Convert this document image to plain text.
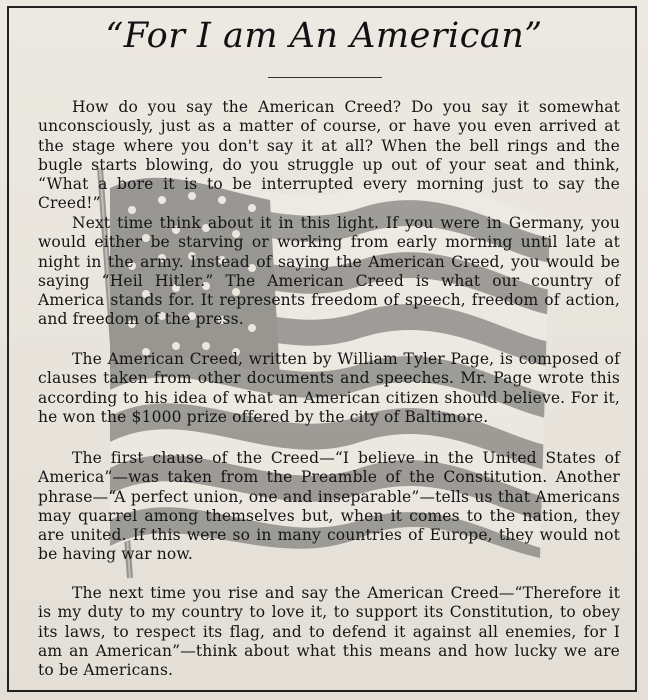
“For I am An American”

How do you say the American Creed? Do you say it somewhat unconsciously, just as a matter of course, or have you even arrived at the stage where you don't say it at all? When the bell rings and the bugle starts blowing, do you struggle up out of your seat and think, “What a bore it is to be interrupted every morning just to say the Creed!”

Next time think about it in this light. If you were in Germany, you would either be starving or working from early morning until late at night in the army. Instead of saying the American Creed, you would be saying “Heil Hitler.” The American Creed is what our country of America stands for. It represents freedom of speech, freedom of action, and freedom of the press.

The American Creed, written by William Tyler Page, is composed of clauses taken from other documents and speeches. Mr. Page wrote this according to his idea of what an American citizen should believe. For it, he won the $1000 prize offered by the city of Baltimore.

The first clause of the Creed—“I believe in the United States of America”—was taken from the Preamble of the Constitution. Another phrase—“A perfect union, one and inseparable”—tells us that Americans may quarrel among themselves but, when it comes to the nation, they are united. If this were so in many countries of Europe, they would not be having war now.

The next time you rise and say the American Creed—“Therefore it is my duty to my country to love it, to support its Constitution, to obey its laws, to respect its flag, and to defend it against all enemies, for I am an American”—think about what this means and how lucky we are to be Americans.
